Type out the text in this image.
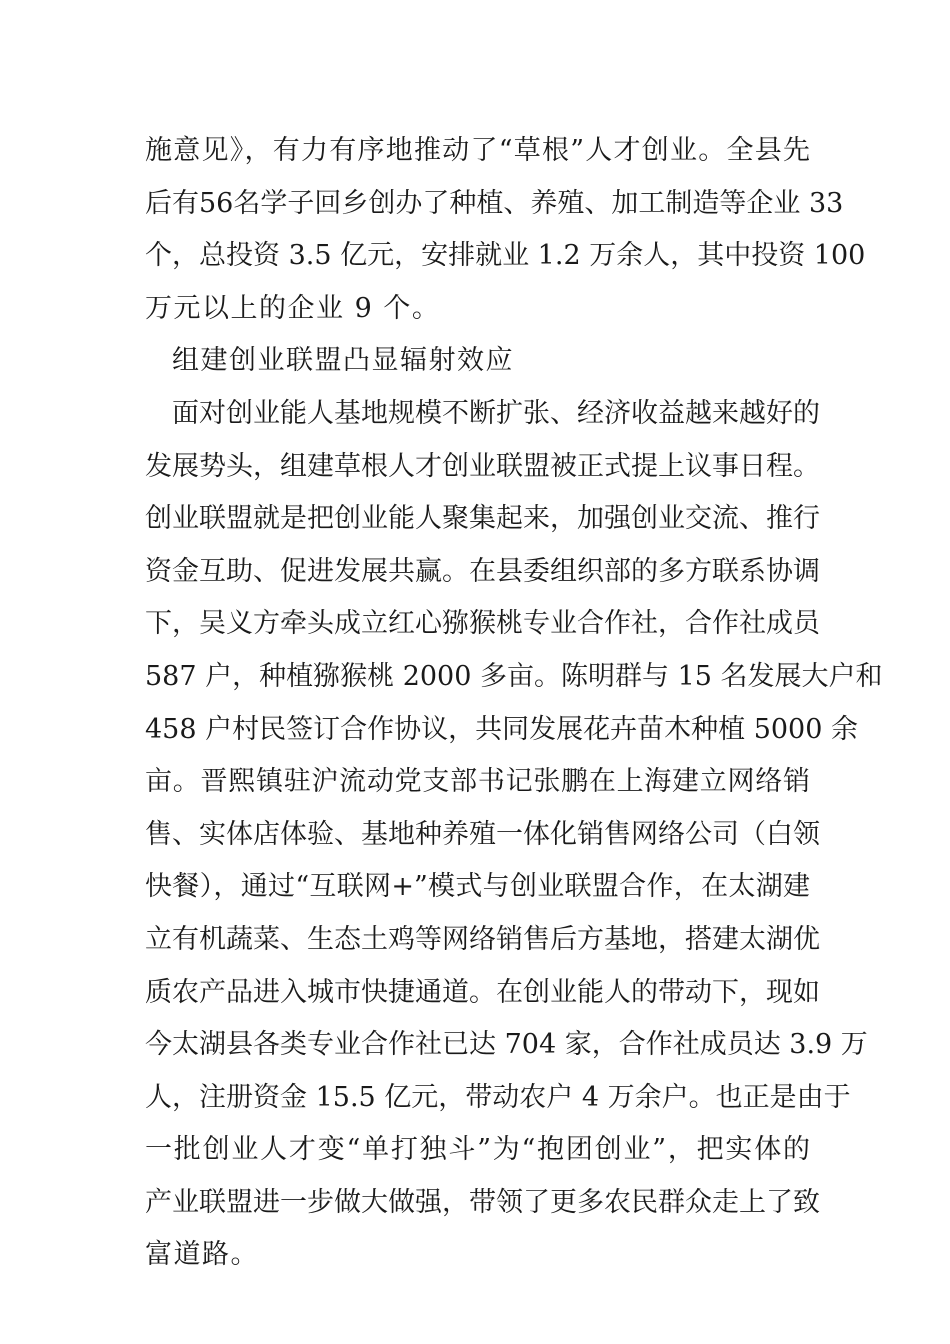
施意见》，有力有序地推动了“草根”人才创业。全县先
后有56名学子回乡创办了种植、养殖、加工制造等企业 33
个，总投资 3.5 亿元，安排就业 1.2 万余人，其中投资 100
万元以上的企业 9 个。
组建创业联盟凸显辐射效应
面对创业能人基地规模不断扩张、经济收益越来越好的
发展势头，组建草根人才创业联盟被正式提上议事日程。
创业联盟就是把创业能人聚集起来，加强创业交流、推行
资金互助、促进发展共赢。在县委组织部的多方联系协调
下，吴义方牵头成立红心猕猴桃专业合作社，合作社成员
587 户，种植猕猴桃 2000 多亩。陈明群与 15 名发展大户和
458 户村民签订合作协议，共同发展花卉苗木种植 5000 余
亩。晋熙镇驻沪流动党支部书记张鹏在上海建立网络销
售、实体店体验、基地种养殖一体化销售网络公司（白领
快餐），通过“互联网+”模式与创业联盟合作，在太湖建
立有机蔬菜、生态土鸡等网络销售后方基地，搭建太湖优
质农产品进入城市快捷通道。在创业能人的带动下，现如
今太湖县各类专业合作社已达 704 家，合作社成员达 3.9 万
人，注册资金 15.5 亿元，带动农户 4 万余户。也正是由于
一批创业人才变“单打独斗”为“抱团创业”，把实体的
产业联盟进一步做大做强，带领了更多农民群众走上了致
富道路。
